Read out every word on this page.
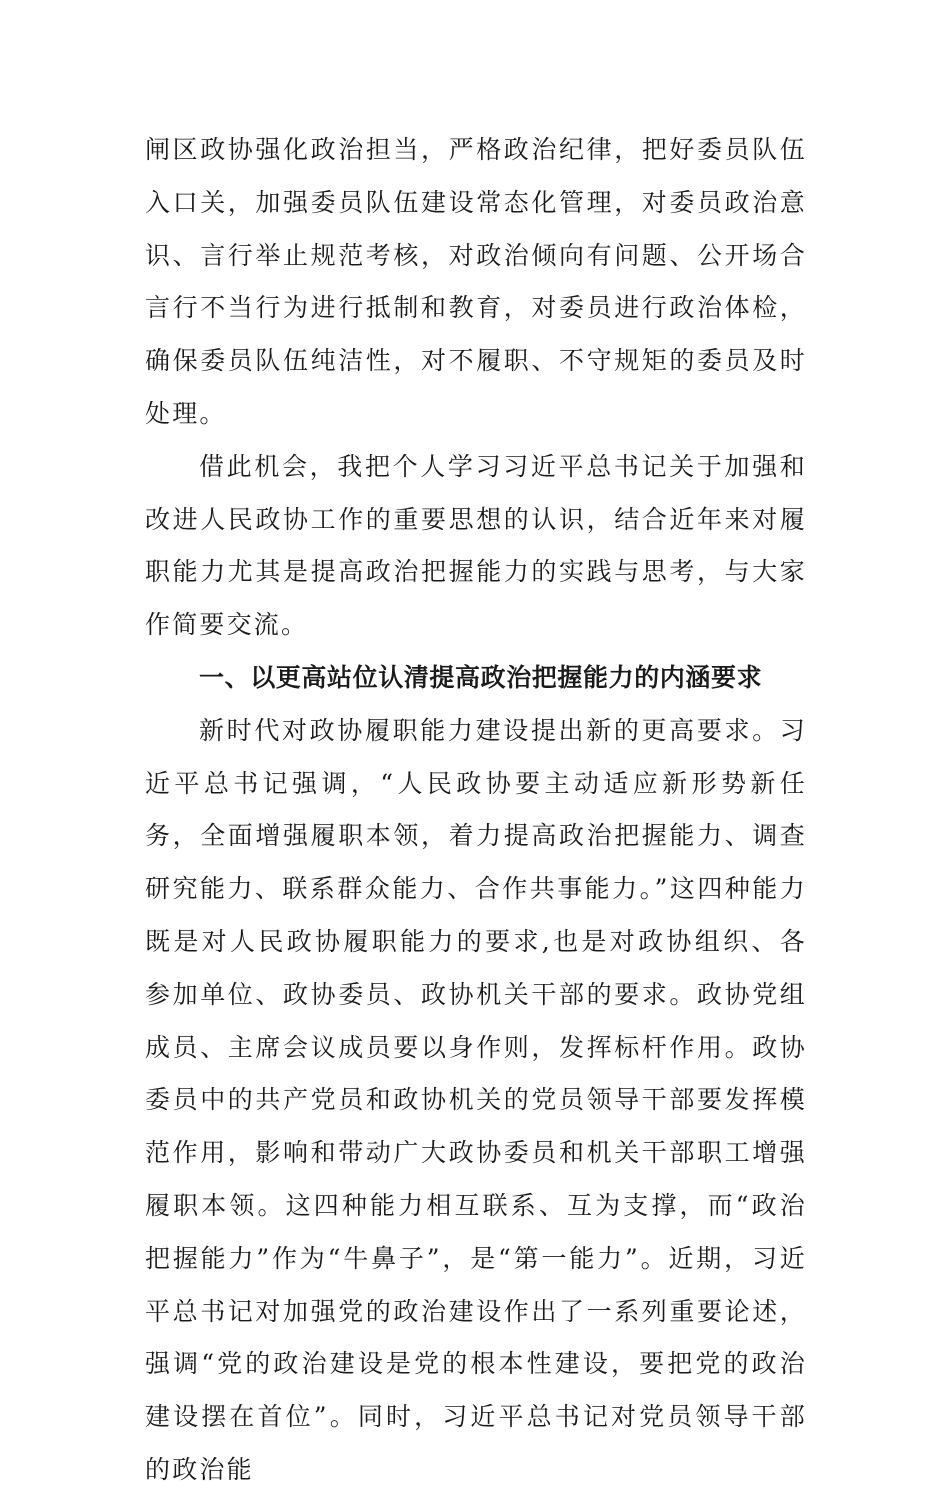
闸区政协强化政治担当，严格政治纪律，把好委员队伍入口关，加强委员队伍建设常态化管理，对委员政治意识、言行举止规范考核，对政治倾向有问题、公开场合言行不当行为进行抵制和教育，对委员进行政治体检，确保委员队伍纯洁性，对不履职、不守规矩的委员及时处理。

借此机会，我把个人学习习近平总书记关于加强和改进人民政协工作的重要思想的认识，结合近年来对履职能力尤其是提高政治把握能力的实践与思考，与大家作简要交流。

一、以更高站位认清提高政治把握能力的内涵要求

新时代对政协履职能力建设提出新的更高要求。习近平总书记强调，“人民政协要主动适应新形势新任务，全面增强履职本领，着力提高政治把握能力、调查研究能力、联系群众能力、合作共事能力。”这四种能力既是对人民政协履职能力的要求,也是对政协组织、各参加单位、政协委员、政协机关干部的要求。政协党组成员、主席会议成员要以身作则，发挥标杆作用。政协委员中的共产党员和政协机关的党员领导干部要发挥模范作用，影响和带动广大政协委员和机关干部职工增强履职本领。这四种能力相互联系、互为支撑，而“政治把握能力”作为“牛鼻子”，是“第一能力”。近期，习近平总书记对加强党的政治建设作出了一系列重要论述，强调“党的政治建设是党的根本性建设，要把党的政治建设摆在首位”。同时，习近平总书记对党员领导干部的政治能
